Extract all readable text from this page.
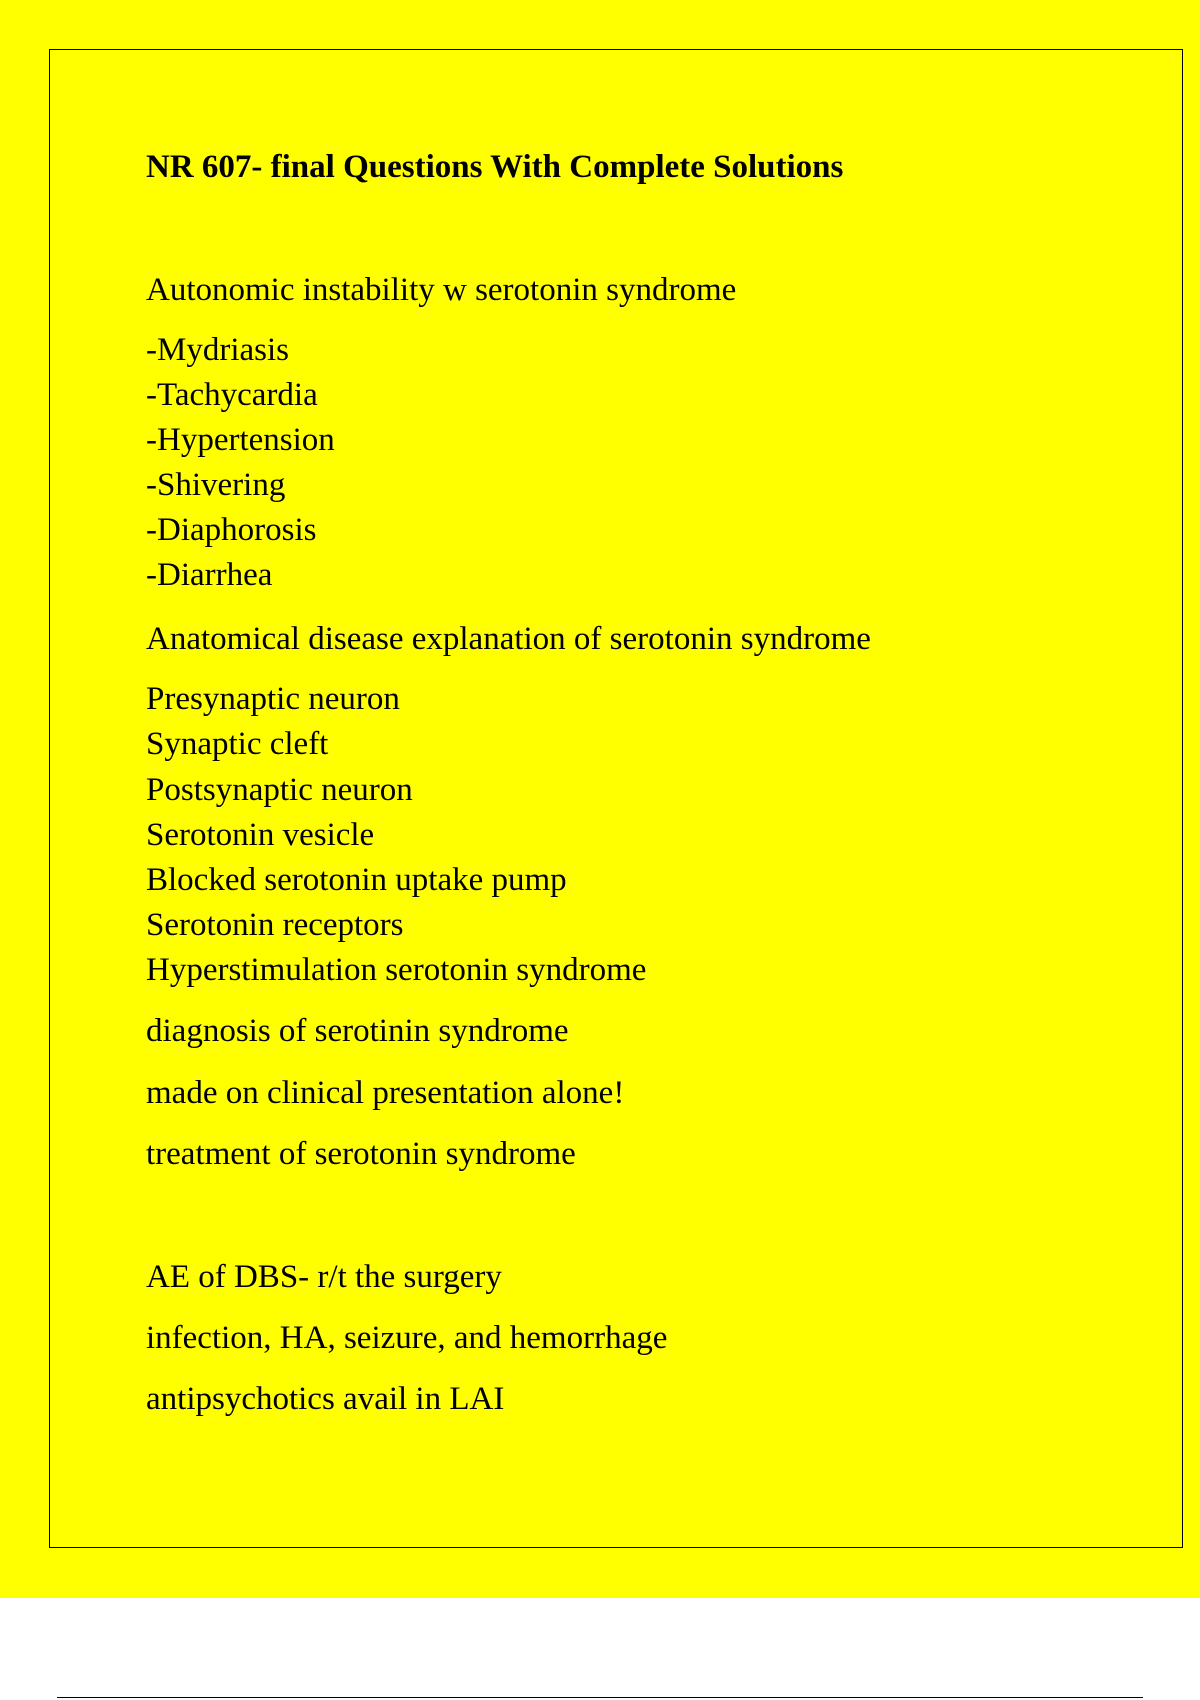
NR 607- final Questions With Complete Solutions

Autonomic instability w serotonin syndrome

-Mydriasis

-Tachycardia

-Hypertension

-Shivering

-Diaphorosis

-Diarrhea

Anatomical disease explanation of serotonin syndrome

Presynaptic neuron

Synaptic cleft

Postsynaptic neuron

Serotonin vesicle

Blocked serotonin uptake pump

Serotonin receptors

Hyperstimulation serotonin syndrome

diagnosis of serotinin syndrome

made on clinical presentation alone!

treatment of serotonin syndrome

AE of DBS- r/t the surgery

infection, HA, seizure, and hemorrhage

antipsychotics avail in LAI
